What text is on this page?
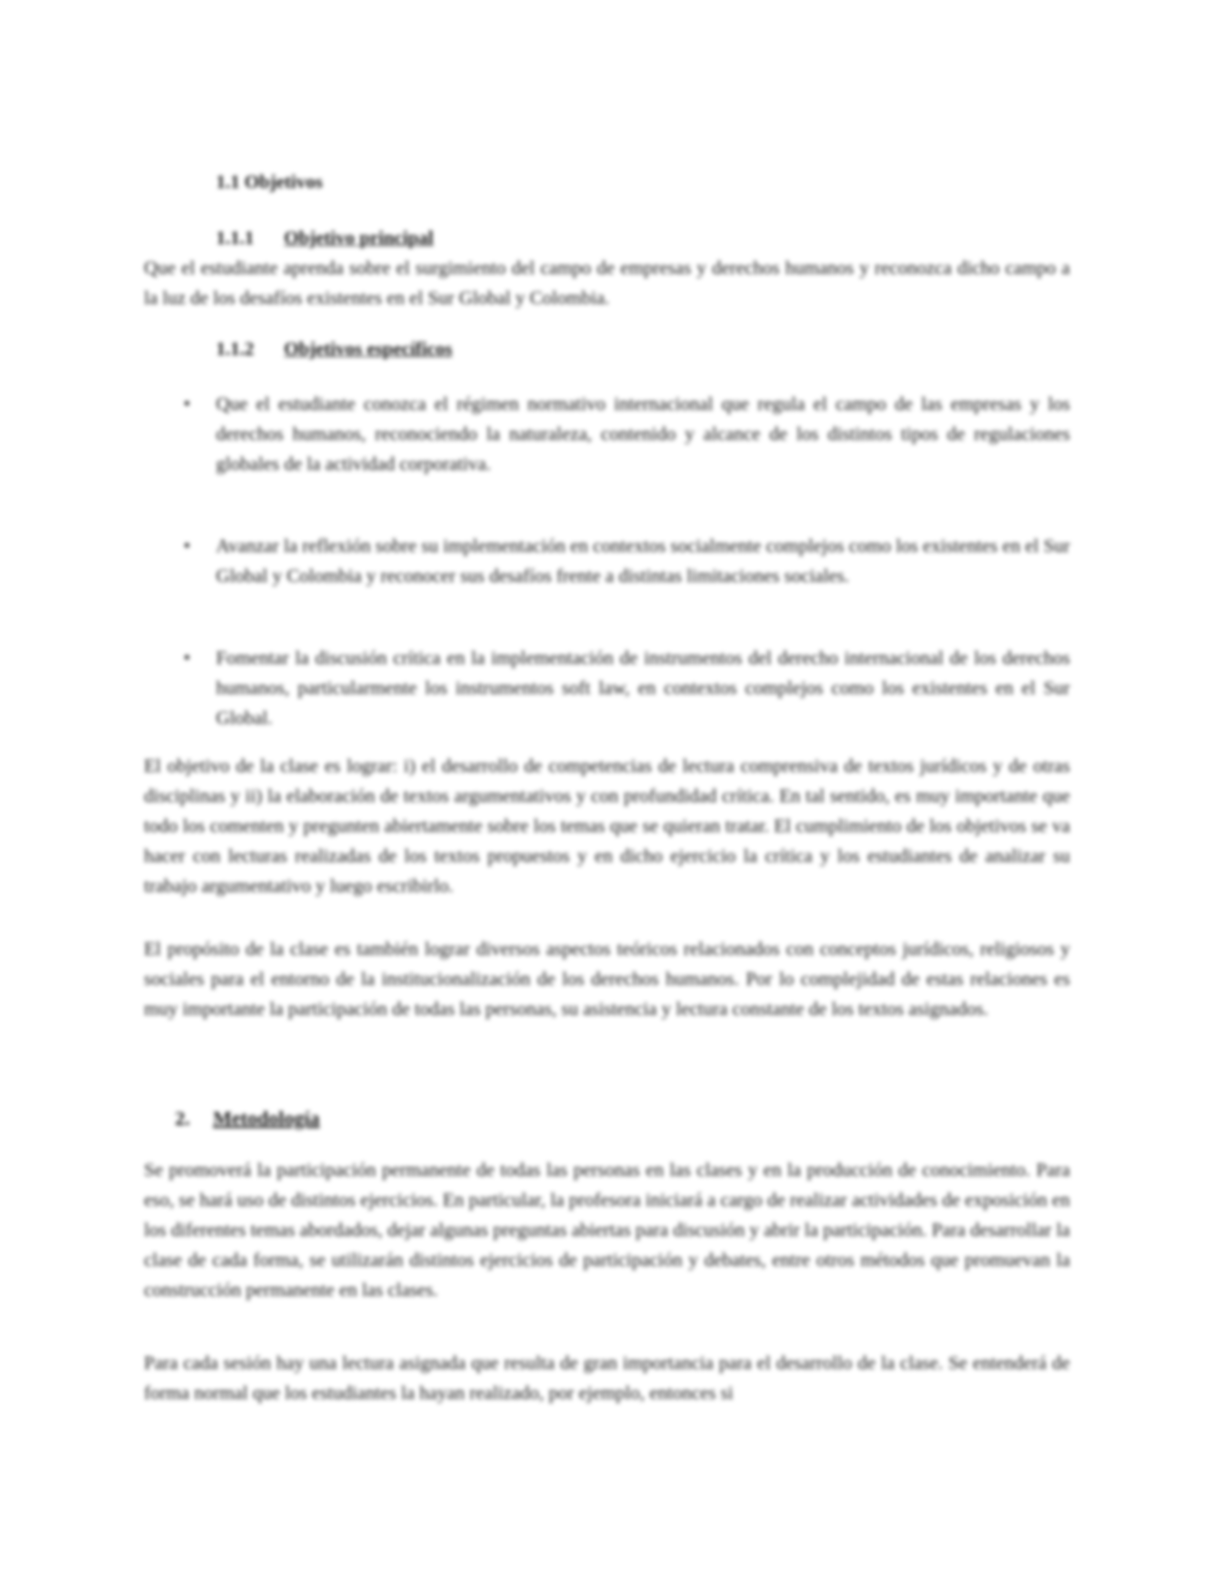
1.1 Objetivos
1.1.1 Objetivo principal

Que el estudiante aprenda sobre el surgimiento del campo de empresas y derechos humanos y reconozca dicho campo a la luz de los desafíos existentes en el Sur Global y Colombia.

1.1.2 Objetivos específicos
• Que el estudiante conozca el régimen normativo internacional que regula el campo de las empresas y los derechos humanos, reconociendo la naturaleza, contenido y alcance de los distintos tipos de regulaciones globales de la actividad corporativa.
• Avanzar la reflexión sobre su implementación en contextos socialmente complejos como los existentes en el Sur Global y Colombia y reconocer sus desafíos frente a distintas limitaciones sociales.
• Fomentar la discusión crítica en la implementación de instrumentos del derecho internacional de los derechos humanos, particularmente los instrumentos soft law, en contextos complejos como los existentes en el Sur Global.

El objetivo de la clase es lograr: i) el desarrollo de competencias de lectura comprensiva de textos jurídicos y de otras disciplinas y ii) la elaboración de textos argumentativos y con profundidad crítica. En tal sentido, es muy importante que todo los comenten y pregunten abiertamente sobre los temas que se quieran tratar. El cumplimiento de los objetivos se va hacer con lecturas realizadas de los textos propuestos y en dicho ejercicio la crítica y los estudiantes de analizar su trabajo argumentativo y luego escribirlo.

El propósito de la clase es también lograr diversos aspectos teóricos relacionados con conceptos jurídicos, religiosos y sociales para el entorno de la institucionalización de los derechos humanos. Por lo complejidad de estas relaciones es muy importante la participación de todas las personas, su asistencia y lectura constante de los textos asignados.

2. Metodología

Se promoverá la participación permanente de todas las personas en las clases y en la producción de conocimiento. Para eso, se hará uso de distintos ejercicios. En particular, la profesora iniciará a cargo de realizar actividades de exposición en los diferentes temas abordados, dejar algunas preguntas abiertas para discusión y abrir la participación. Para desarrollar la clase de cada forma, se utilizarán distintos ejercicios de participación y debates, entre otros métodos que promuevan la construcción permanente en las clases.

Para cada sesión hay una lectura asignada que resulta de gran importancia para el desarrollo de la clase. Se entenderá de forma normal que los estudiantes la hayan realizado, por ejemplo, entonces si
